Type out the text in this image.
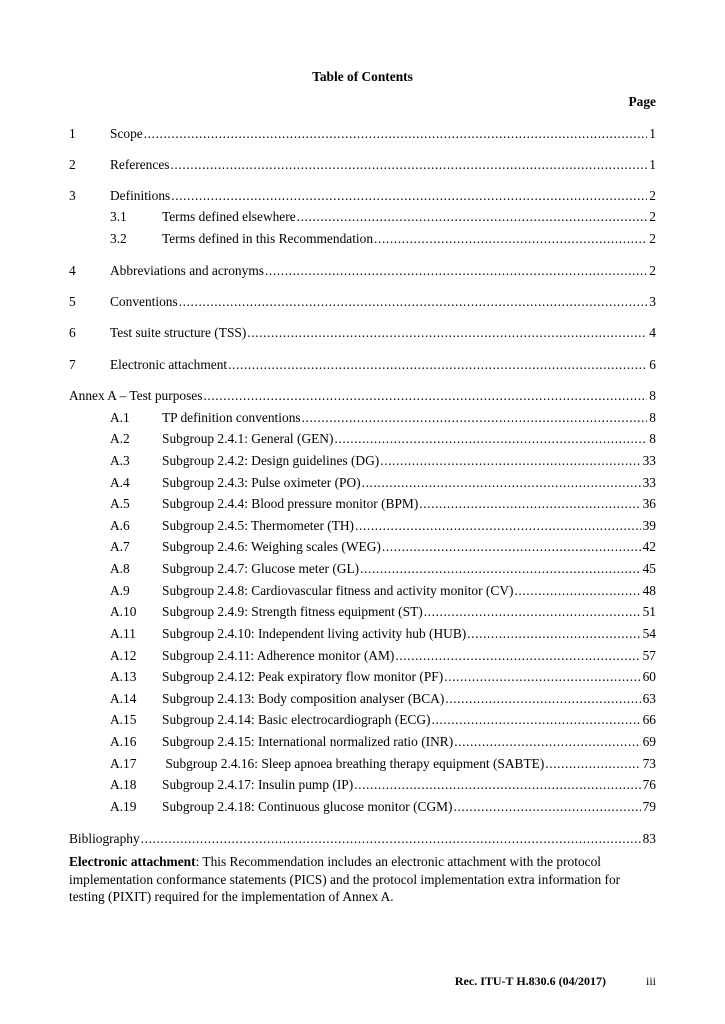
Table of Contents
Page
1	Scope .....	1
2	References .....	1
3	Definitions .....	2
3.1	Terms defined elsewhere .....	2
3.2	Terms defined in this Recommendation .....	2
4	Abbreviations and acronyms .....	2
5	Conventions .....	3
6	Test suite structure (TSS) .....	4
7	Electronic attachment .....	6
Annex A – Test purposes .....	8
A.1 TP definition conventions .....	8
A.2 Subgroup 2.4.1: General (GEN) .....	8
A.3 Subgroup 2.4.2: Design guidelines (DG) .....	33
A.4 Subgroup 2.4.3: Pulse oximeter (PO) .....	33
A.5 Subgroup 2.4.4: Blood pressure monitor (BPM) .....	36
A.6 Subgroup 2.4.5: Thermometer (TH) .....	39
A.7 Subgroup 2.4.6: Weighing scales (WEG) .....	42
A.8 Subgroup 2.4.7: Glucose meter (GL) .....	45
A.9 Subgroup 2.4.8: Cardiovascular fitness and activity monitor (CV) .....	48
A.10 Subgroup 2.4.9: Strength fitness equipment (ST) .....	51
A.11 Subgroup 2.4.10: Independent living activity hub (HUB) .....	54
A.12 Subgroup 2.4.11: Adherence monitor (AM) .....	57
A.13 Subgroup 2.4.12: Peak expiratory flow monitor (PF) .....	60
A.14 Subgroup 2.4.13: Body composition analyser (BCA) .....	63
A.15 Subgroup 2.4.14: Basic electrocardiograph (ECG) .....	66
A.16 Subgroup 2.4.15: International normalized ratio (INR) .....	69
A.17 Subgroup 2.4.16: Sleep apnoea breathing therapy equipment (SABTE) .....	73
A.18 Subgroup 2.4.17: Insulin pump (IP) .....	76
A.19 Subgroup 2.4.18: Continuous glucose monitor (CGM) .....	79
Bibliography .....	83
Electronic attachment: This Recommendation includes an electronic attachment with the protocol implementation conformance statements (PICS) and the protocol implementation extra information for testing (PIXIT) required for the implementation of Annex A.
Rec. ITU-T H.830.6 (04/2017)	iii
